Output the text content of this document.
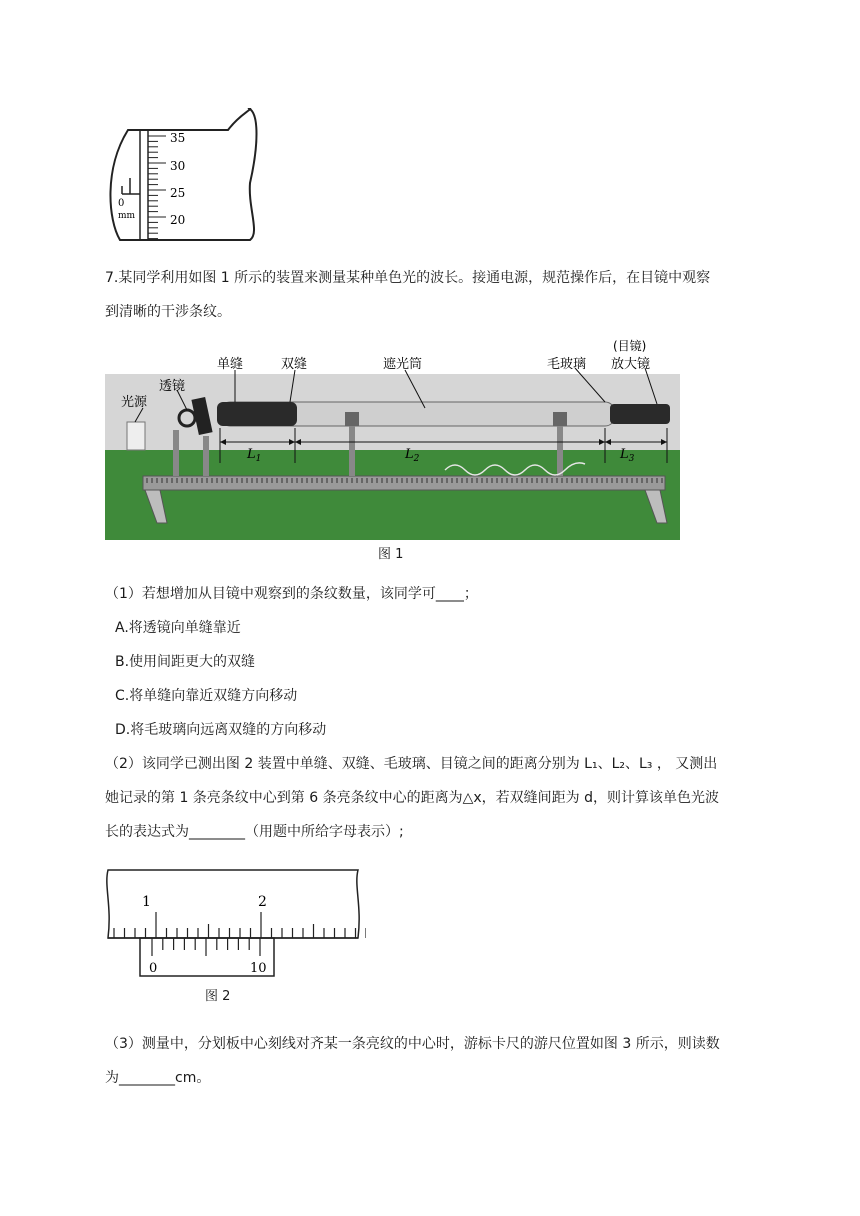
35
30
25
20
0
mm
7.某同学利用如图 1 所示的装置来测量某种单色光的波长。接通电源，规范操作后，在目镜中观察
到清晰的干涉条纹。
$L_1$	$L_2$	$L_3$
单缝	双缝	遮光筒	毛玻璃
(目镜)
放大镜
透镜
光源
图 1
（1）若想增加从目镜中观察到的条纹数量，该同学可____；
A.将透镜向单缝靠近
B.使用间距更大的双缝
C.将单缝向靠近双缝方向移动
D.将毛玻璃向远离双缝的方向移动
（2）该同学已测出图 2 装置中单缝、双缝、毛玻璃、目镜之间的距离分别为 L₁、L₂、L₃ ， 又测出
她记录的第 1 条亮条纹中心到第 6 条亮条纹中心的距离为△x，若双缝间距为 d，则计算该单色光波
长的表达式为________（用题中所给字母表示）;
1	2
0	10
图 2
（3）测量中，分划板中心刻线对齐某一条亮纹的中心时，游标卡尺的游尺位置如图 3 所示，则读数
为________cm。
